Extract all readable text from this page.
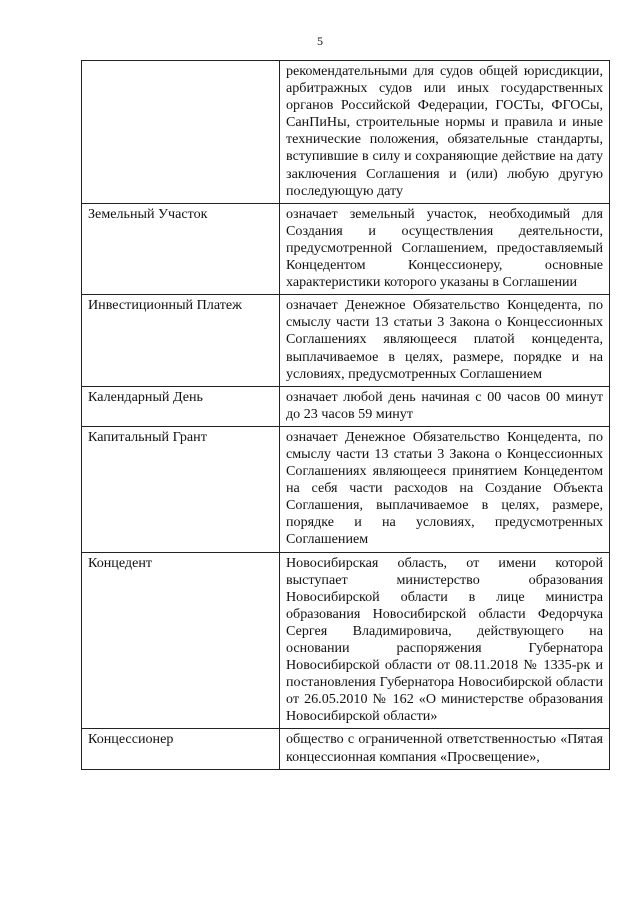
5
	рекомендательными для судов общей юрисдикции, арбитражных судов или иных государственных органов Российской Федерации, ГОСТы, ФГОСы, СанПиНы, строительные нормы и правила и иные технические положения, обязательные стандарты, вступившие в силу и сохраняющие действие на дату заключения Соглашения и (или) любую другую последующую дату
Земельный Участок	означает земельный участок, необходимый для Создания и осуществления деятельности, предусмотренной Соглашением, предоставляемый Концедентом Концессионеру, основные характеристики которого указаны в Соглашении
Инвестиционный Платеж	означает Денежное Обязательство Концедента, по смыслу части 13 статьи 3 Закона о Концессионных Соглашениях являющееся платой концедента, выплачиваемое в целях, размере, порядке и на условиях, предусмотренных Соглашением
Календарный День	означает любой день начиная с 00 часов 00 минут до 23 часов 59 минут
Капитальный Грант	означает Денежное Обязательство Концедента, по смыслу части 13 статьи 3 Закона о Концессионных Соглашениях являющееся принятием Концедентом на себя части расходов на Создание Объекта Соглашения, выплачиваемое в целях, размере, порядке и на условиях, предусмотренных Соглашением
Концедент	Новосибирская область, от имени которой выступает министерство образования Новосибирской области в лице министра образования Новосибирской области Федорчука Сергея Владимировича, действующего на основании распоряжения Губернатора Новосибирской области от 08.11.2018 № 1335-рк и постановления Губернатора Новосибирской области от 26.05.2010 № 162 «О министерстве образования Новосибирской области»
Концессионер	общество с ограниченной ответственностью «Пятая концессионная компания «Просвещение»,
